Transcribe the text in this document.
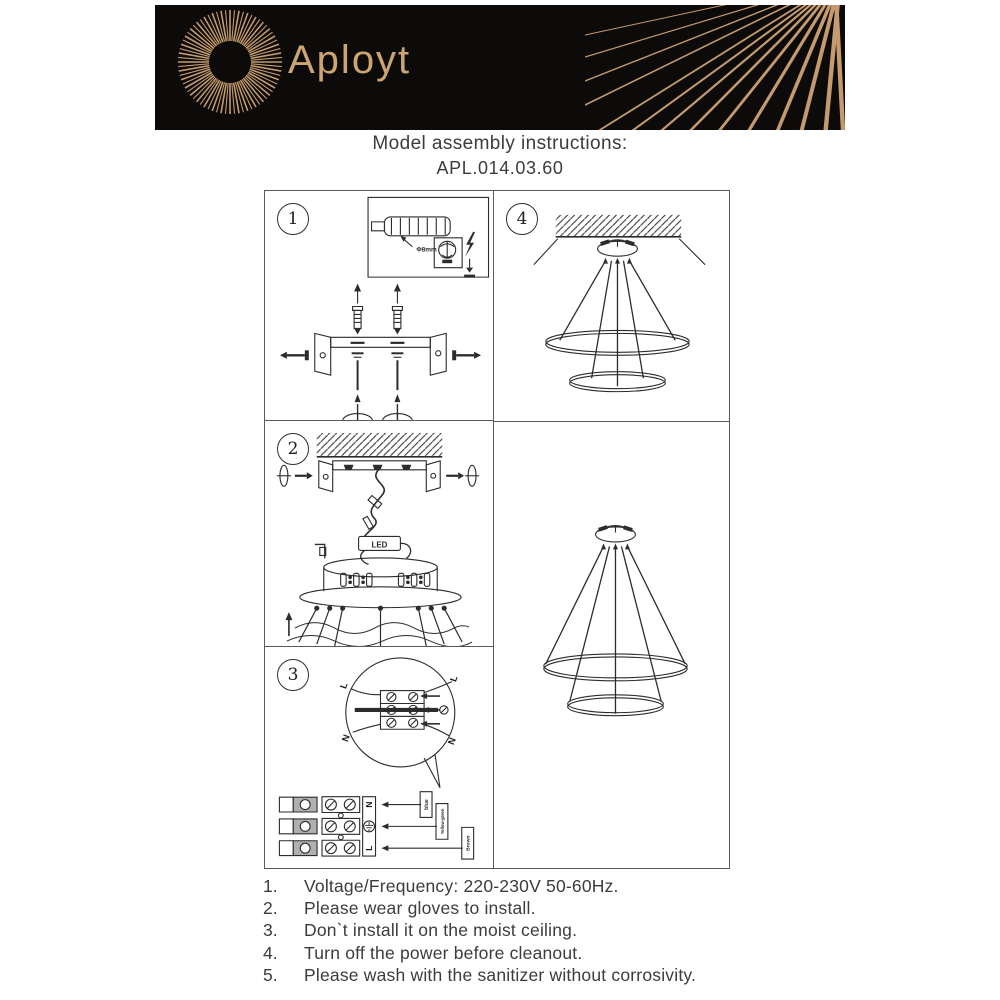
Aployt
Model assembly instructions:
APL.014.03.60
1
Φ8mm
2
LED
3
L
N
L
N
N
L
blue
Yellow-green
Brown
4
1.	Voltage/Frequency: 220-230V 50-60Hz.
2.	Please wear gloves to install.
3.	Don`t install it on the moist ceiling.
4.	Turn off the power before cleanout.
5.	Please wash with the sanitizer without corrosivity.
